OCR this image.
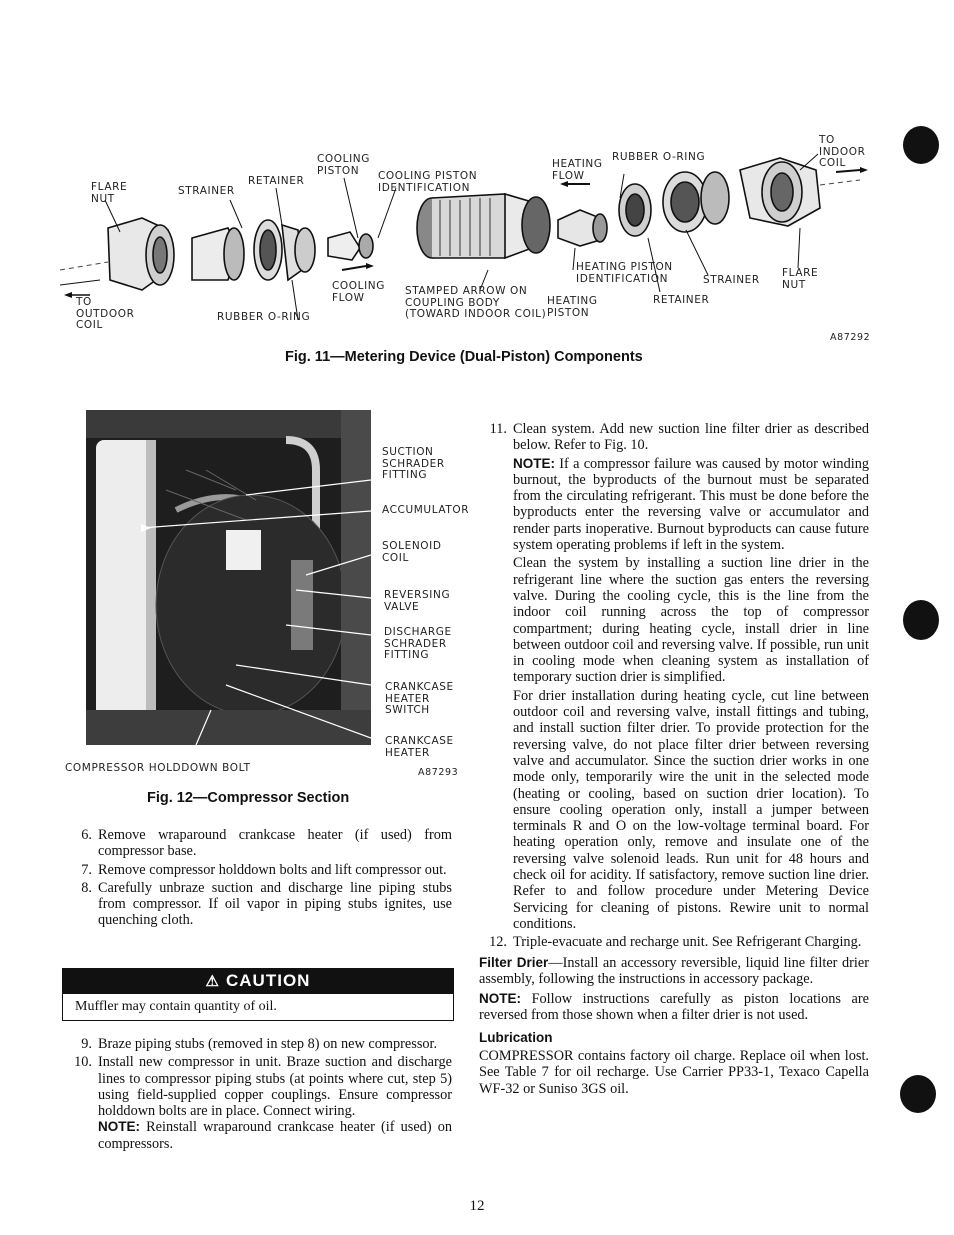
FLARE
NUT
STRAINER
RETAINER
COOLING
PISTON	COOLING PISTON
IDENTIFICATION
HEATING
FLOW
RUBBER O-RING
TO
INDOOR
COIL
TO
OUTDOOR
COIL
RUBBER O-RING
COOLING
FLOW
STAMPED ARROW ON
COUPLING BODY
(TOWARD INDOOR COIL)
HEATING PISTON
IDENTIFICATION	STRAINER
FLARE
NUT
HEATING
PISTON
RETAINER
A87292
Fig. 11—Metering Device (Dual-Piston) Components
SUCTION
SCHRADER
FITTING
ACCUMULATOR
SOLENOID
COIL
REVERSING
VALVE
DISCHARGE
SCHRADER
FITTING
CRANKCASE
HEATER
SWITCH
CRANKCASE
HEATER
COMPRESSOR HOLDDOWN BOLT	A87293
Fig. 12—Compressor Section
6. Remove wraparound crankcase heater (if used) from compressor base.
7. Remove compressor holddown bolts and lift compressor out.
8. Carefully unbraze suction and discharge line piping stubs from compressor. If oil vapor in piping stubs ignites, use quenching cloth.
⚠ CAUTION
Muffler may contain quantity of oil.
9. Braze piping stubs (removed in step 8) on new compressor.
10. Install new compressor in unit. Braze suction and discharge lines to compressor piping stubs (at points where cut, step 5) using field-supplied copper couplings. Ensure compressor holddown bolts are in place. Connect wiring.
NOTE: Reinstall wraparound crankcase heater (if used) on compressors.
11. Clean system. Add new suction line filter drier as described below. Refer to Fig. 10.
NOTE: If a compressor failure was caused by motor winding burnout, the byproducts of the burnout must be separated from the circulating refrigerant. This must be done before the byproducts enter the reversing valve or accumulator and render parts inoperative. Burnout byproducts can cause future system operating problems if left in the system.
Clean the system by installing a suction line drier in the refrigerant line where the suction gas enters the reversing valve. During the cooling cycle, this is the line from the indoor coil running across the top of compressor compartment; during heating cycle, install drier in line between outdoor coil and reversing valve. If possible, run unit in cooling mode when cleaning system as installation of temporary suction drier is simplified.
For drier installation during heating cycle, cut line between outdoor coil and reversing valve, install fittings and tubing, and install suction filter drier. To provide protection for the reversing valve, do not place filter drier between reversing valve and accumulator. Since the suction drier works in one mode only, temporarily wire the unit in the selected mode (heating or cooling, based on suction drier location). To ensure cooling operation only, install a jumper between terminals R and O on the low-voltage terminal board. For heating operation only, remove and insulate one of the reversing valve solenoid leads. Run unit for 48 hours and check oil for acidity. If satisfactory, remove suction line drier. Refer to and follow procedure under Metering Device Servicing for cleaning of pistons. Rewire unit to normal conditions.
12. Triple-evacuate and recharge unit. See Refrigerant Charging.

Filter Drier—Install an accessory reversible, liquid line filter drier assembly, following the instructions in accessory package.

NOTE: Follow instructions carefully as piston locations are reversed from those shown when a filter drier is not used.

Lubrication

COMPRESSOR contains factory oil charge. Replace oil when lost. See Table 7 for oil recharge. Use Carrier PP33-1, Texaco Capella WF-32 or Suniso 3GS oil.

12
